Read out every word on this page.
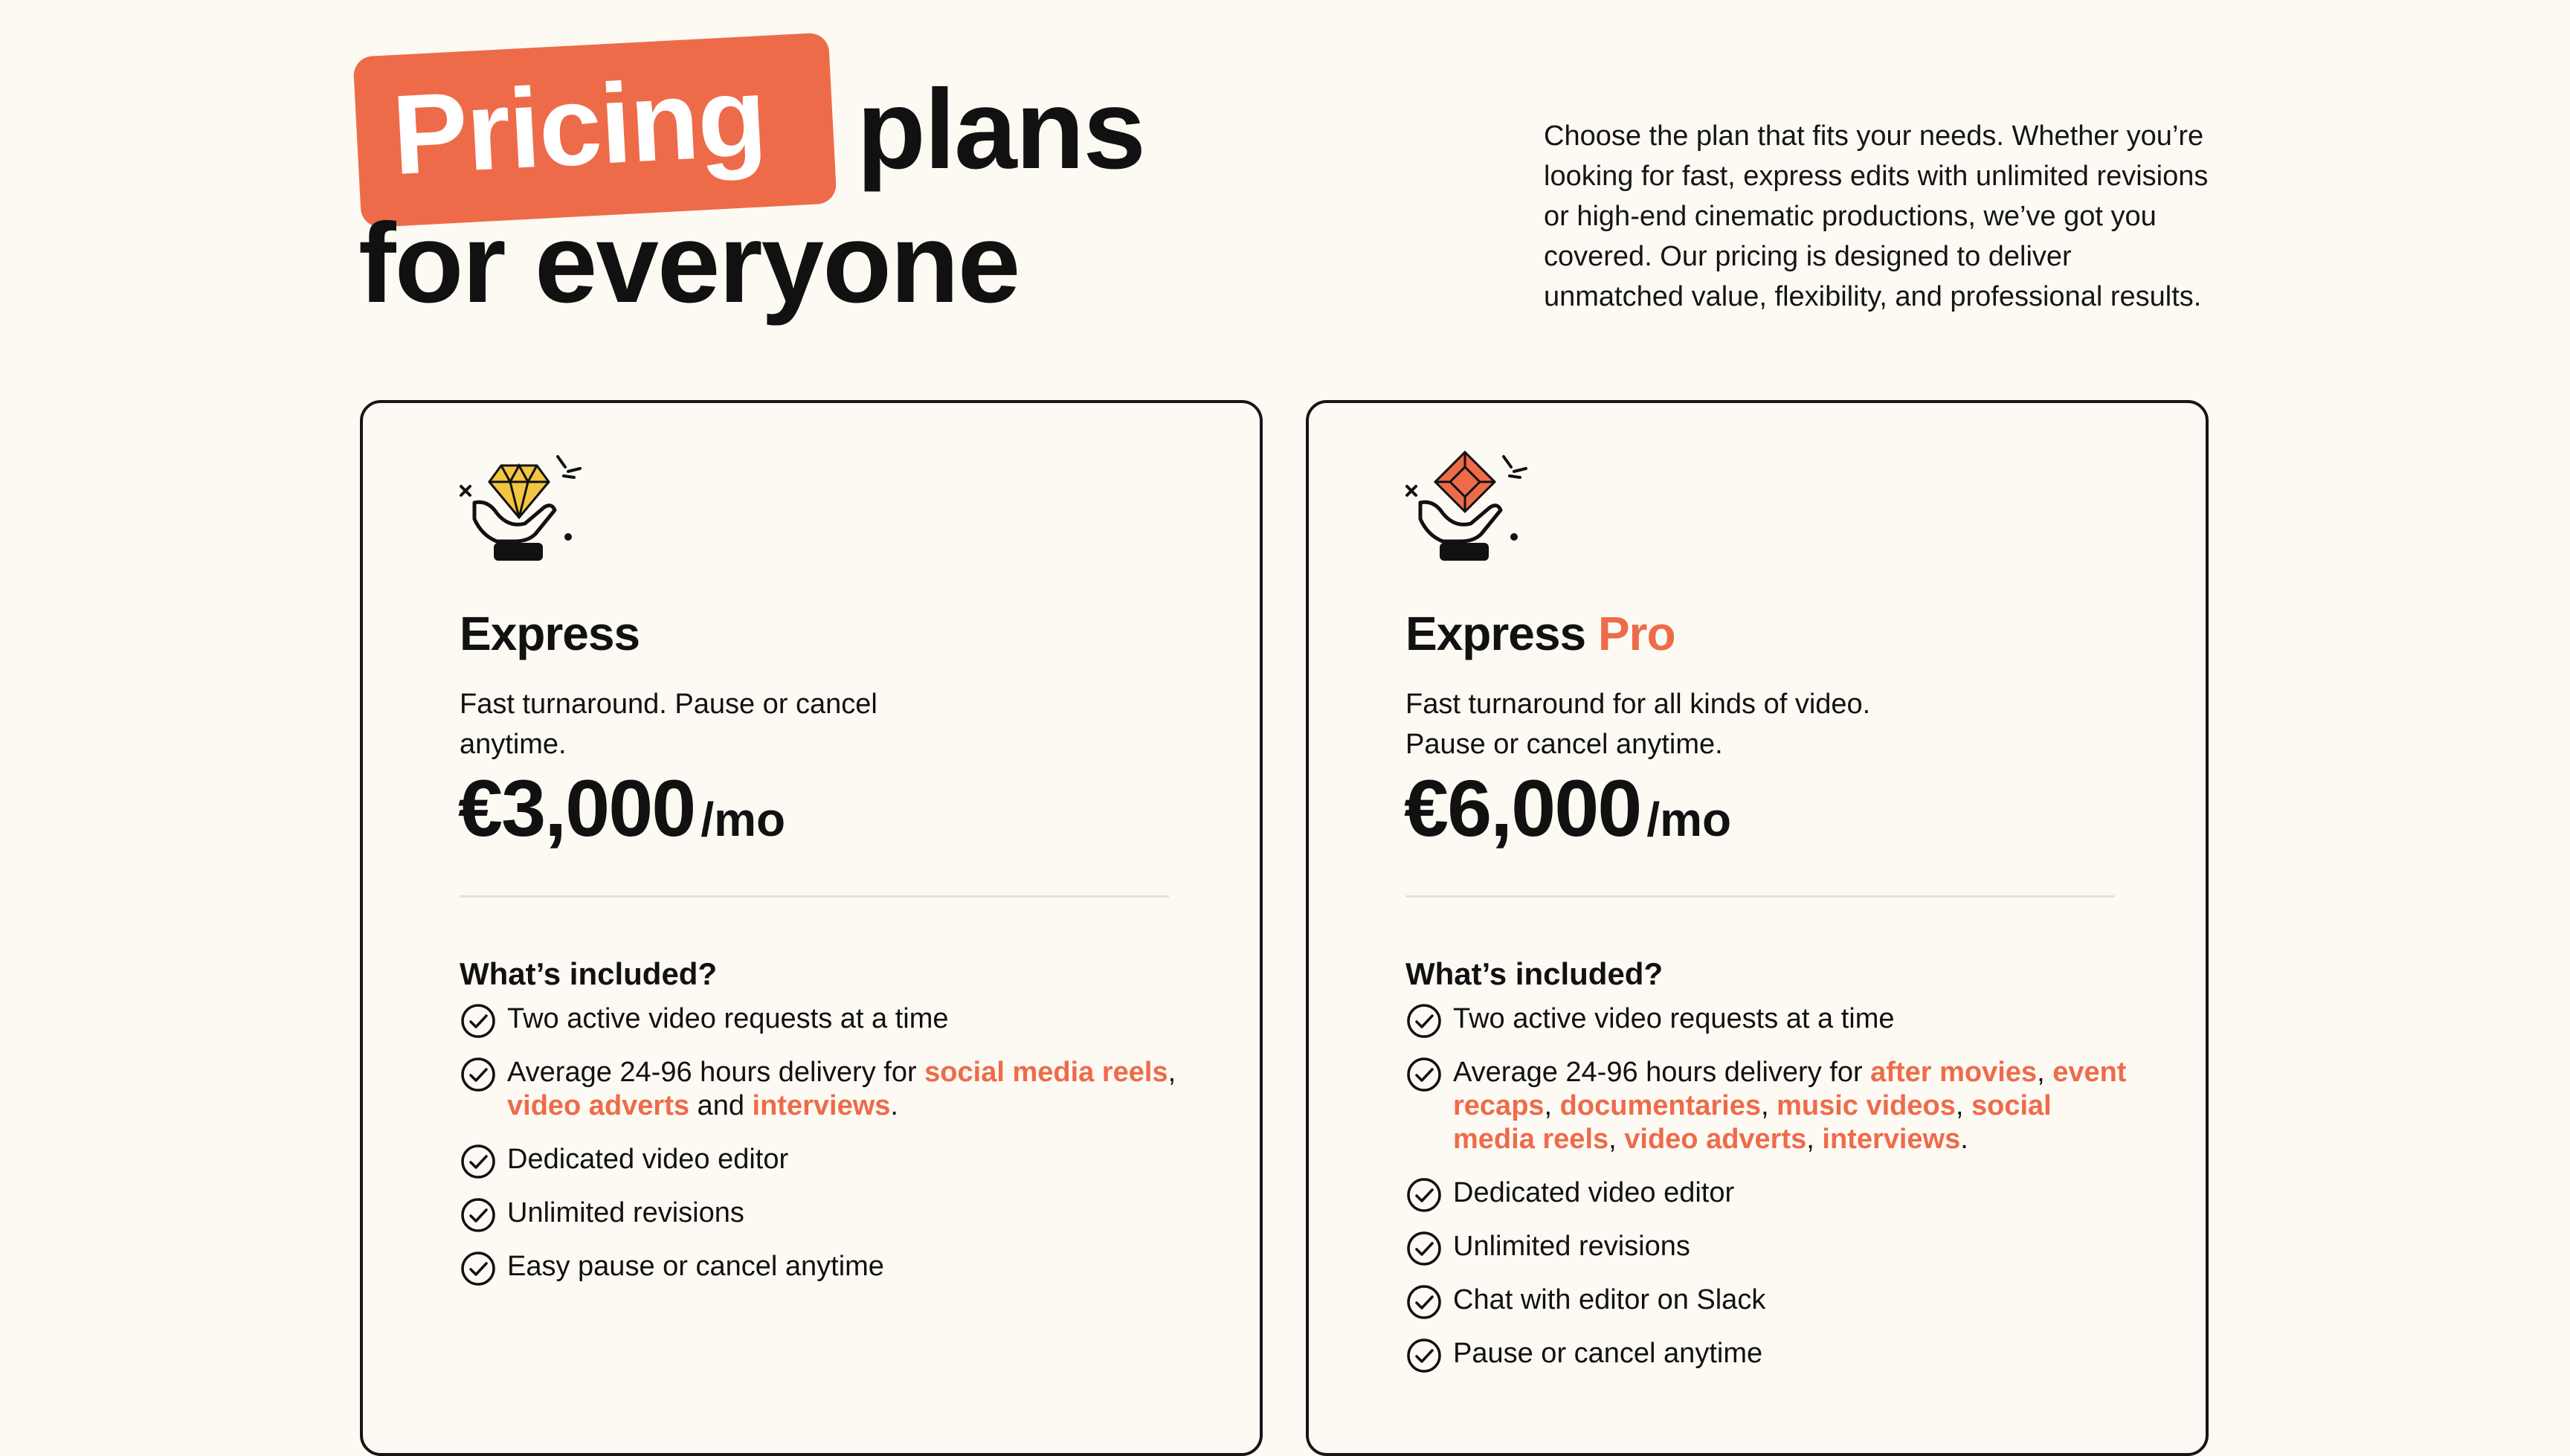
Pricing plans
for everyone

Choose the plan that fits your needs. Whether you’re looking for fast, express edits with unlimited revisions or high-end cinematic productions, we’ve got you covered. Our pricing is designed to deliver unmatched value, flexibility, and professional results.

Express

Fast turnaround. Pause or cancel anytime.

€3,000 /mo
What’s included?
Two active video requests at a time
Average 24-96 hours delivery for social media reels, video adverts and interviews.
Dedicated video editor
Unlimited revisions
Easy pause or cancel anytime
Express Pro

Fast turnaround for all kinds of video. Pause or cancel anytime.

€6,000 /mo
What’s included?
Two active video requests at a time
Average 24-96 hours delivery for after movies, event recaps, documentaries, music videos, social media reels, video adverts, interviews.
Dedicated video editor
Unlimited revisions
Chat with editor on Slack
Pause or cancel anytime
